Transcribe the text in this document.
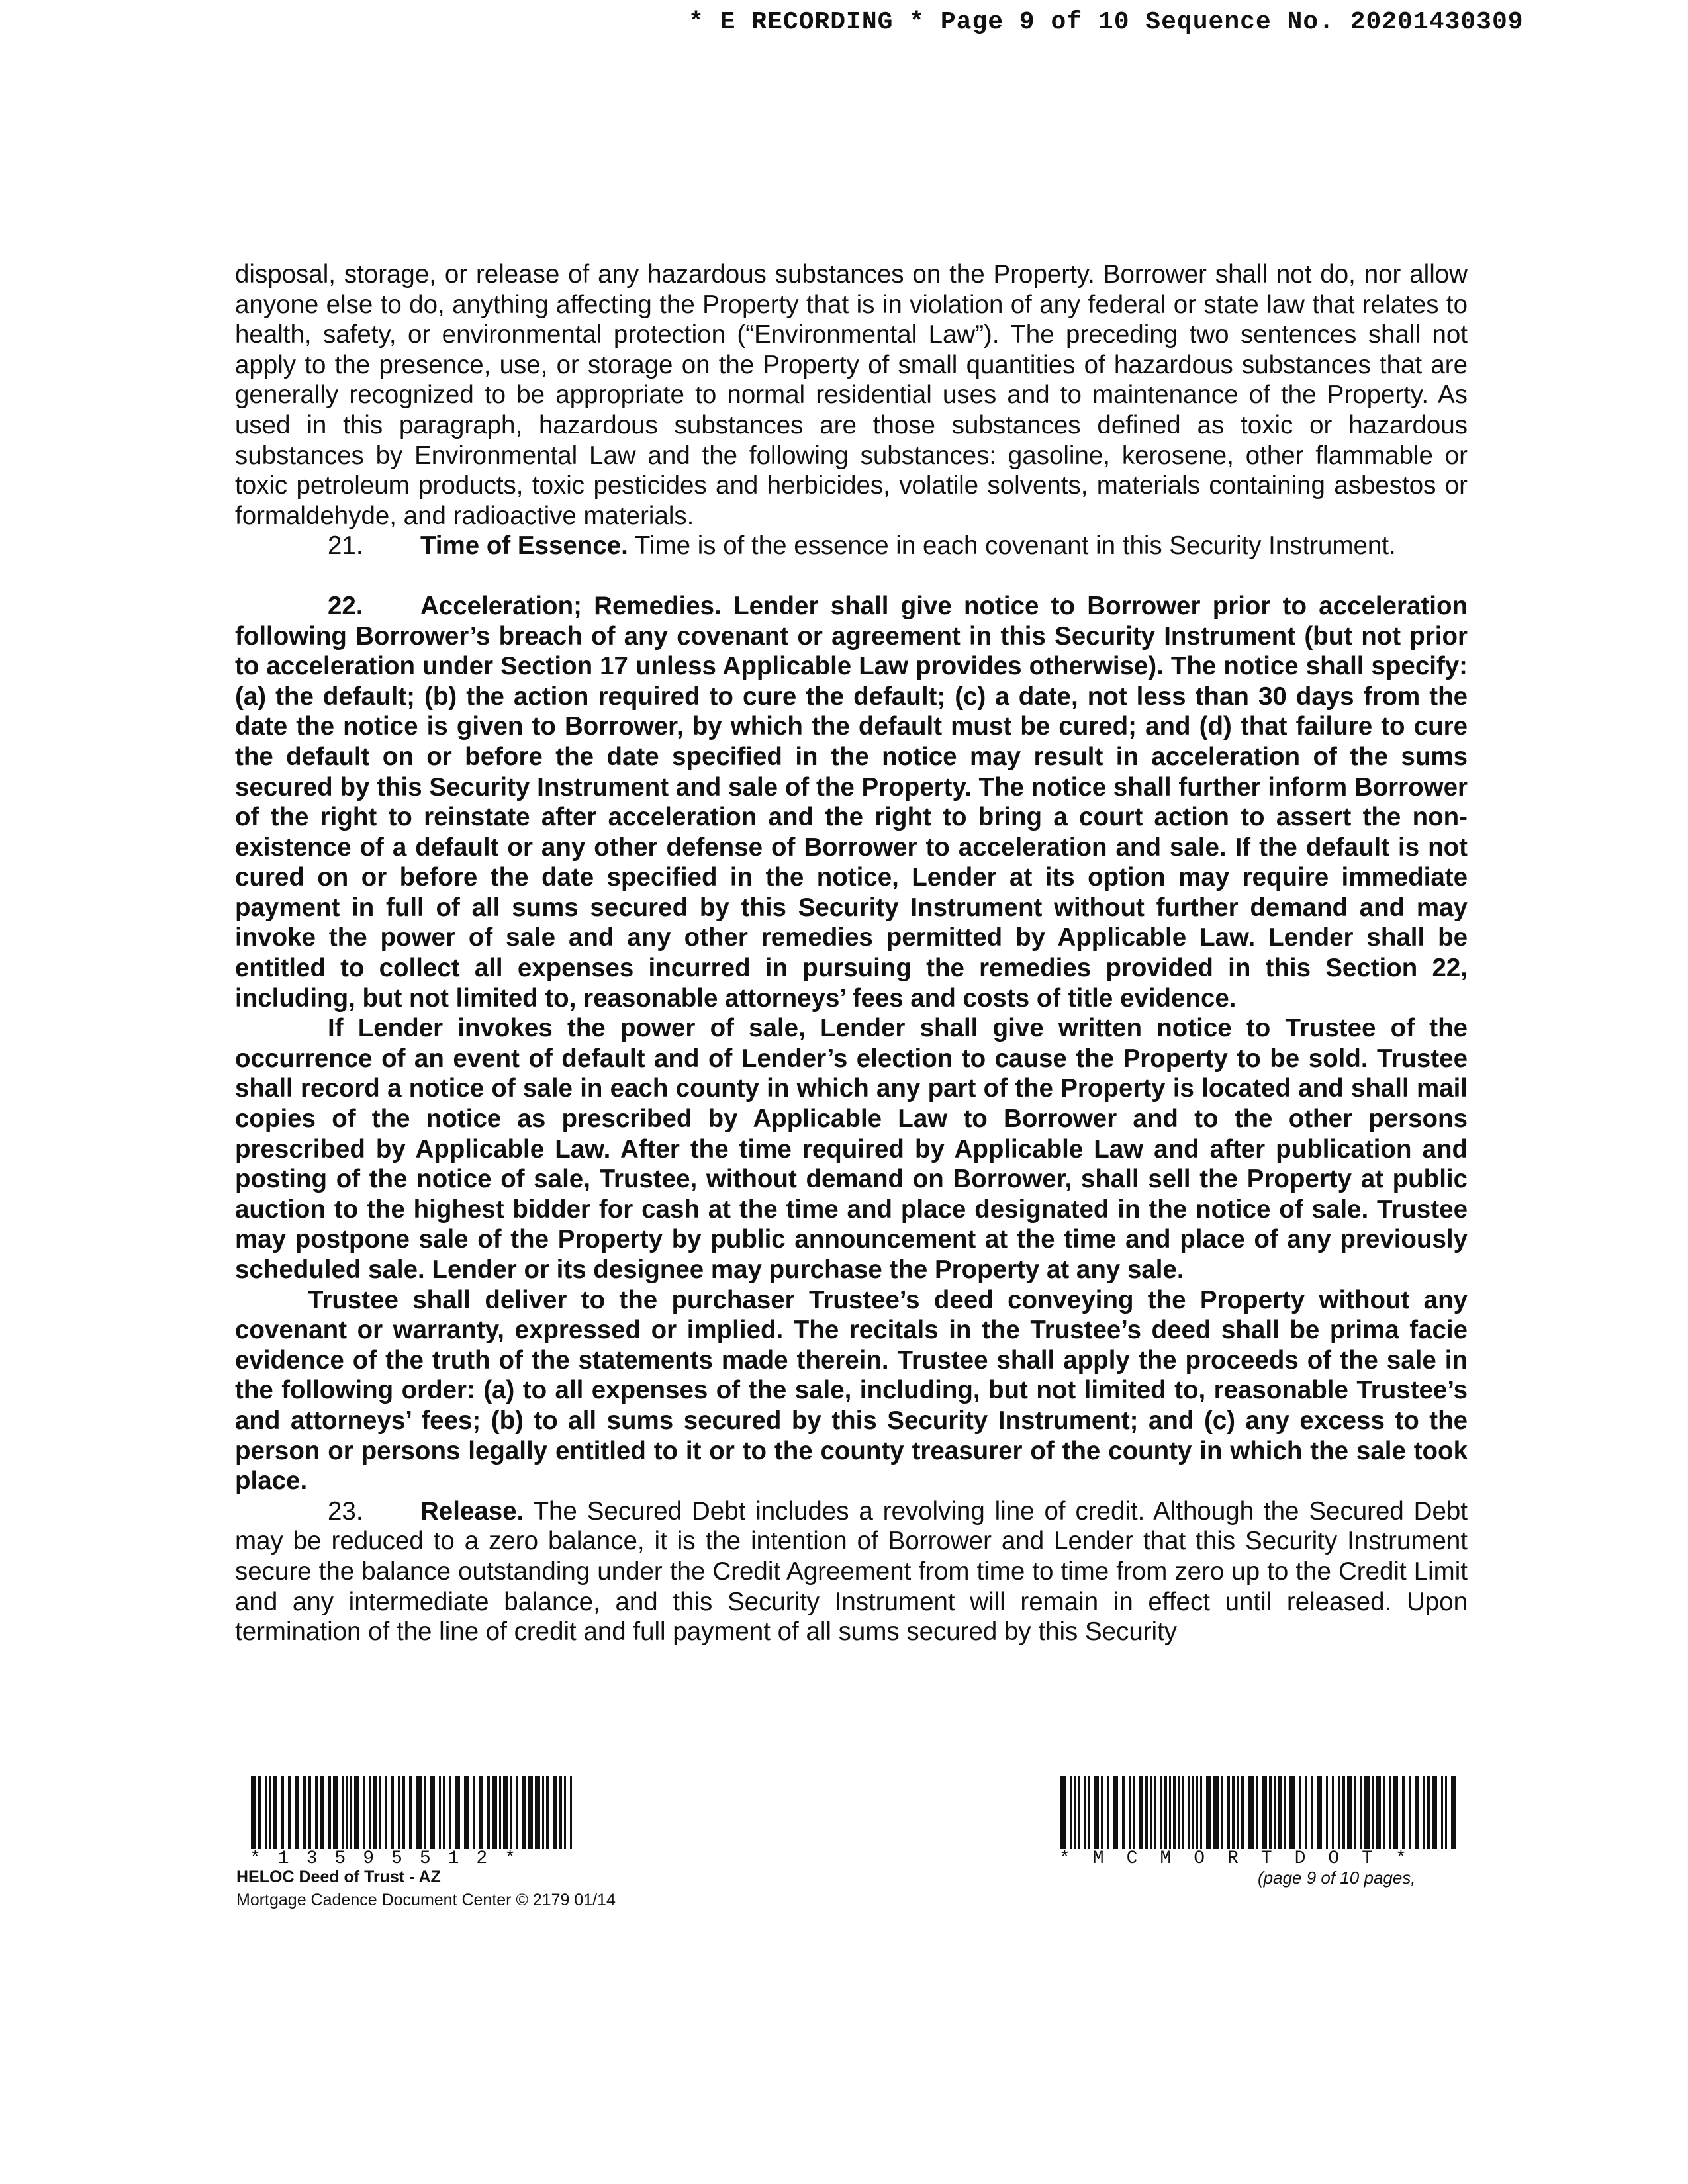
* E RECORDING * Page 9 of 10 Sequence No. 20201430309

disposal, storage, or release of any hazardous substances on the Property. Borrower shall not do, nor allow anyone else to do, anything affecting the Property that is in violation of any federal or state law that relates to health, safety, or environmental protection (“Environmental Law”). The preceding two sentences shall not apply to the presence, use, or storage on the Property of small quantities of hazardous substances that are generally recognized to be appropriate to normal residential uses and to maintenance of the Property. As used in this paragraph, hazardous substances are those substances defined as toxic or hazardous substances by Environmental Law and the following substances: gasoline, kerosene, other flammable or toxic petroleum products, toxic pesticides and herbicides, volatile solvents, materials containing asbestos or formaldehyde, and radioactive materials.

21. Time of Essence. Time is of the essence in each covenant in this Security Instrument.

22. Acceleration; Remedies. Lender shall give notice to Borrower prior to acceleration following Borrower’s breach of any covenant or agreement in this Security Instrument (but not prior to acceleration under Section 17 unless Applicable Law provides otherwise). The notice shall specify: (a) the default; (b) the action required to cure the default; (c) a date, not less than 30 days from the date the notice is given to Borrower, by which the default must be cured; and (d) that failure to cure the default on or before the date specified in the notice may result in acceleration of the sums secured by this Security Instrument and sale of the Property. The notice shall further inform Borrower of the right to reinstate after acceleration and the right to bring a court action to assert the non-existence of a default or any other defense of Borrower to acceleration and sale. If the default is not cured on or before the date specified in the notice, Lender at its option may require immediate payment in full of all sums secured by this Security Instrument without further demand and may invoke the power of sale and any other remedies permitted by Applicable Law. Lender shall be entitled to collect all expenses incurred in pursuing the remedies provided in this Section 22, including, but not limited to, reasonable attorneys’ fees and costs of title evidence.

If Lender invokes the power of sale, Lender shall give written notice to Trustee of the occurrence of an event of default and of Lender’s election to cause the Property to be sold. Trustee shall record a notice of sale in each county in which any part of the Property is located and shall mail copies of the notice as prescribed by Applicable Law to Borrower and to the other persons prescribed by Applicable Law. After the time required by Applicable Law and after publication and posting of the notice of sale, Trustee, without demand on Borrower, shall sell the Property at public auction to the highest bidder for cash at the time and place designated in the notice of sale. Trustee may postpone sale of the Property by public announcement at the time and place of any previously scheduled sale. Lender or its designee may purchase the Property at any sale.

Trustee shall deliver to the purchaser Trustee’s deed conveying the Property without any covenant or warranty, expressed or implied. The recitals in the Trustee’s deed shall be prima facie evidence of the truth of the statements made therein. Trustee shall apply the proceeds of the sale in the following order: (a) to all expenses of the sale, including, but not limited to, reasonable Trustee’s and attorneys’ fees; (b) to all sums secured by this Security Instrument; and (c) any excess to the person or persons legally entitled to it or to the county treasurer of the county in which the sale took place.

23. Release. The Secured Debt includes a revolving line of credit. Although the Secured Debt may be reduced to a zero balance, it is the intention of Borrower and Lender that this Security Instrument secure the balance outstanding under the Credit Agreement from time to time from zero up to the Credit Limit and any intermediate balance, and this Security Instrument will remain in effect until released. Upon termination of the line of credit and full payment of all sums secured by this Security

*13595512*	*MCMORTDOT*
HELOC Deed of Trust - AZ
Mortgage Cadence Document Center © 2179 01/14
(page 9 of 10 pages,
